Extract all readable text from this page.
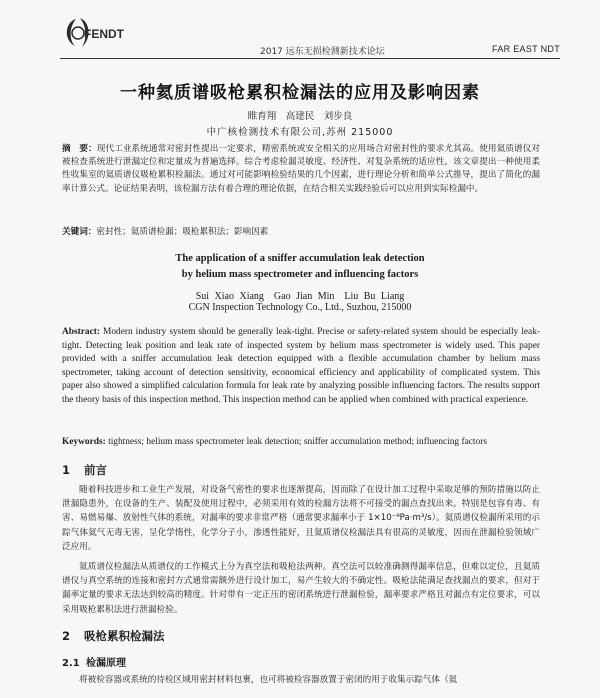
FENDT
2017 远东无损检测新技术论坛	FAR EAST NDT
一种氦质谱吸枪累积检漏法的应用及影响因素
睢育翔　高建民　刘步良
中广核检测技术有限公司,苏州 215000
摘　要：现代工业系统通常对密封性提出一定要求，精密系统或安全相关的应用场合对密封性的要求尤其高。使用氦质谱仪对被检查系统进行泄漏定位和定量成为普遍选择。综合考虑检漏灵敏度、经济性、对复杂系统的适应性，该文章提出一种使用柔性收集室的氦质谱仪吸枪累积检漏法。通过对可能影响检验结果的几个因素，进行理论分析和简单公式推导，提出了简化的漏率计算公式。论证结果表明，该检漏方法有着合理的理论依据，在结合相关实践经验后可以应用到实际检漏中。
关键词：密封性；氦质谱检漏；吸枪累积法；影响因素
The application of a sniffer accumulation leak detection
by helium mass spectrometer and influencing factors
Sui Xiao Xiang　Gao Jian Min　Liu Bu Liang
CGN Inspection Technology Co., Ltd., Suzhou, 215000
Abstract: Modern industry system should be generally leak-tight. Precise or safety-related system should be especially leak-tight. Detecting leak position and leak rate of inspected system by helium mass spectrometer is widely used. This paper provided with a sniffer accumulation leak detection equipped with a flexible accumulation chamber by helium mass spectrometer, taking account of detection sensitivity, economical efficiency and applicability of complicated system. This paper also showed a simplified calculation formula for leak rate by analyzing possible influencing factors. The results support the theory basis of this inspection method. This inspection method can be applied when combined with practical experience.
Keywords: tightness; helium mass spectrometer leak detection; sniffer accumulation method; influencing factors
1 前言
随着科技进步和工业生产发展，对设备气密性的要求也逐渐提高，因而除了在设计加工过程中采取足够的预防措施以防止泄漏隐患外，在设备的生产、装配及使用过程中，必须采用有效的检漏方法将不可接受的漏点查找出来。特别是包容有毒、有害、易燃易爆、放射性气体的系统，对漏率的要求非常严格（通常要求漏率小于 1×10⁻⁹Pa·m³/s）。氦质谱仪检漏所采用的示踪气体氦气无毒无害，呈化学惰性，化学分子小，渗透性能好，且氦质谱仪检漏法具有很高的灵敏度，因而在泄漏检验领域广泛应用。
氦质谱仪检漏法从质谱仪的工作模式上分为真空法和吸枪法两种。真空法可以较准确测得漏率信息，但难以定位，且氦质谱仪与真空系统的连接和密封方式通常需额外进行设计加工，易产生较大的不确定性。吸枪法能满足查找漏点的要求，但对于漏率定量的要求无法达到较高的精度。针对带有一定正压的密闭系统进行泄漏检验，漏率要求严格且对漏点有定位要求，可以采用吸枪累积法进行泄漏检验。
2 吸枪累积检漏法
2.1 检漏原理
将被检容器或系统的待检区域用密封材料包裹，也可将被检容器放置于密闭的用于收集示踪气体（氦
